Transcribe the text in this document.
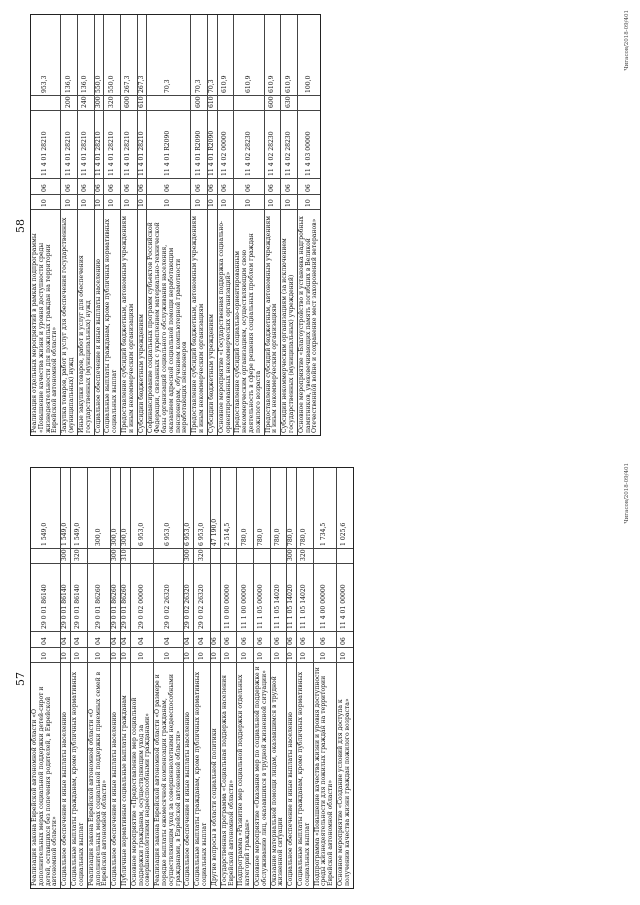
57
Реализация закона Еврейской автономной области «О дополнительных мерах социальной поддержки детей-сирот и детей, оставшихся без попечения родителей, в Еврейской автономной области»
10
04
29 0 01 86140
1 549,0
Социальное обеспечение и иные выплаты населению
10
04
29 0 01 86140
300
1 549,0
Социальные выплаты гражданам, кроме публичных нормативных социальных выплат
10
04
29 0 01 86140
320
1 549,0
Реализация закона Еврейской автономной области «О дополнительных мерах социальной поддержки приемных семей в Еврейской автономной области»
10
04
29 0 01 86260
300,0
Социальное обеспечение и иные выплаты населению
10
04
29 0 01 86260
300
300,0
Публичные нормативные социальные выплаты гражданам
10
04
29 0 01 86260
310
300,0
Основное мероприятие «Предоставление мер социальной поддержки гражданам, осуществляющим уход за совершеннолетними недееспособными гражданами»
10
04
29 0 02 00000
6 953,0
Реализация закона Еврейской автономной области «О размере и порядке выплаты ежемесячной компенсации гражданам, осуществляющим уход за совершеннолетними недееспособными гражданами, в Еврейской автономной области»
10
04
29 0 02 26320
6 953,0
Социальное обеспечение и иные выплаты населению
10
04
29 0 02 26320
300
6 953,0
Социальные выплаты гражданам, кроме публичных нормативных социальных выплат
10
04
29 0 02 26320
320
6 953,0
Другие вопросы в области социальной политики
10
06
47 190,0
Государственная программа «Социальная поддержка населения Еврейской автономной области»
10
06
11 0 00 00000
2 514,5
Подпрограмма «Развитие мер социальной поддержки отдельных категорий граждан»
10
06
11 1 00 00000
780,0
Основное мероприятие «Оказание мер по социальной поддержке и обслуживанию лиц, оказавшихся в трудной жизненной ситуации»
10
06
11 1 05 00000
780,0
Оказание материальной помощи лицам, оказавшимся в трудной жизненной ситуации
10
06
11 1 05 14020
780,0
Социальное обеспечение и иные выплаты населению
10
06
11 1 05 14020
300
780,0
Социальные выплаты гражданам, кроме публичных нормативных социальных выплат
10
06
11 1 05 14020
320
780,0
Подпрограмма «Повышение качества жизни и уровня доступности среды жизнедеятельности для пожилых граждан на территории Еврейской автономной области»
10
06
11 4 00 00000
1 734,5
Основное мероприятие «Создание условий для доступа к получению качества жизни граждан пожилого возраста»
10
06
11 4 01 00000
1 025,6
Чигасов/2018-09/401
58
Реализация отдельных мероприятий в рамках подпрограммы «Повышение качества жизни и уровня доступности среды жизнедеятельности для пожилых граждан на территории Еврейской автономной области»
10
06
11 4 01 28210
953,3
Закупка товаров, работ и услуг для обеспечения государственных (муниципальных) нужд
10
06
11 4 01 28210
200
136,0
Иные закупки товаров, работ и услуг для обеспечения государственных (муниципальных) нужд
10
06
11 4 01 28210
240
136,0
Социальное обеспечение и иные выплаты населению
10
06
11 4 01 28210
300
550,0
Социальные выплаты гражданам, кроме публичных нормативных социальных выплат
10
06
11 4 01 28210
320
550,0
Предоставление субсидий бюджетным, автономным учреждениям и иным некоммерческим организациям
10
06
11 4 01 28210
600
267,3
Субсидии бюджетным учреждениям
10
06
11 4 01 28210
610
267,3
Софинансирование социальных программ субъектов Российской Федерации, связанных с укреплением материально-технической базы организаций социального обслуживания населения, оказанием адресной социальной помощи неработающим пенсионерам, обучением компьютерной грамотности неработающих пенсионеров
10
06
11 4 01 R2090
70,3
Предоставление субсидий бюджетным, автономным учреждениям и иным некоммерческим организациям
10
06
11 4 01 R2090
600
70,3
Субсидии бюджетным учреждениям
10
06
11 4 01 R2090
610
70,3
Основное мероприятие «Государственная поддержка социально-ориентированных некоммерческих организаций»
10
06
11 4 02 00000
610,9
Предоставление субсидий социально-ориентированным некоммерческим организациям, осуществляющим свою деятельность в сфере решения социальных проблем граждан пожилого возраста
10
06
11 4 02 28230
610,9
Предоставление субсидий бюджетным, автономным учреждениям и иным некоммерческим организациям
10
06
11 4 02 28230
600
610,9
Субсидии некоммерческим организациям (за исключением государственных (муниципальных) учреждений)
10
06
11 4 02 28230
630
610,9
Основное мероприятие «Благоустройство и установка надгробных памятников, увековечивающих память погибших в Великой Отечественной войне и сохранение мест захоронений ветеранов»
10
06
11 4 03 00000
100,0
Чигасов/2018-09/401
